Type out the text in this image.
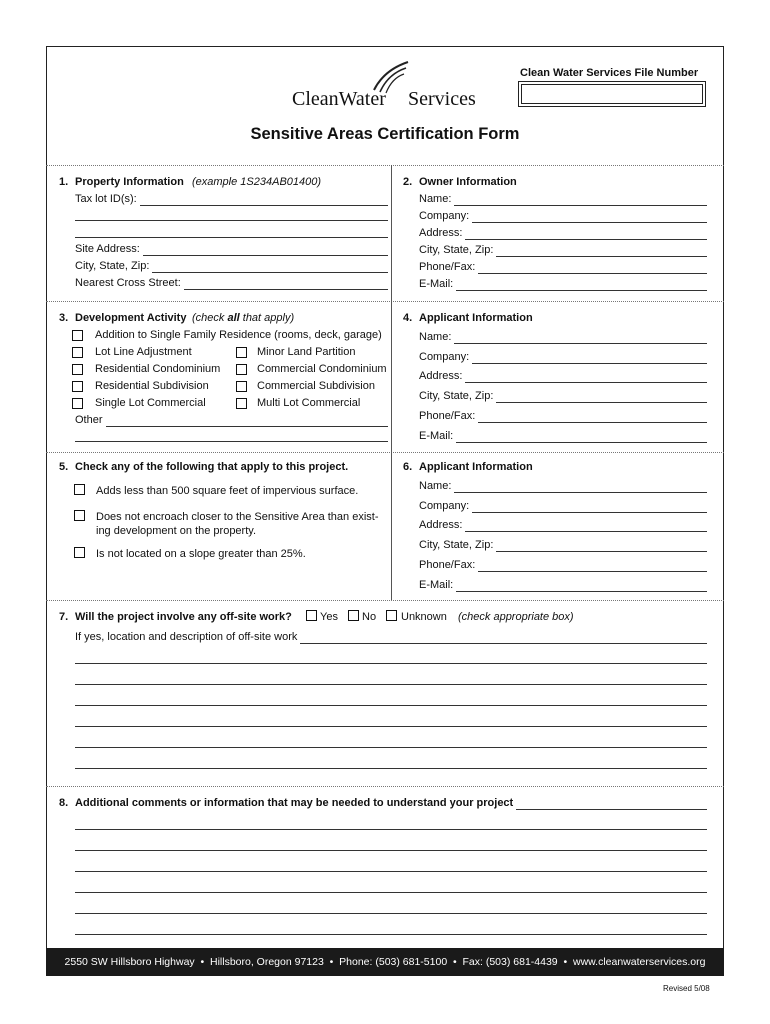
CleanWater Services
Clean Water Services File Number
Sensitive Areas Certification Form
1. Property Information (example 1S234AB01400)
Tax lot ID(s):
Site Address:
City, State, Zip:
Nearest Cross Street:
2. Owner Information
Name:
Company:
Address:
City, State, Zip:
Phone/Fax:
E-Mail:
3. Development Activity (check all that apply)
Addition to Single Family Residence (rooms, deck, garage)
Lot Line Adjustment	Minor Land Partition
Residential Condominium	Commercial Condominium
Residential Subdivision	Commercial Subdivision
Single Lot Commercial	Multi Lot Commercial
Other
4. Applicant Information
Name:
Company:
Address:
City, State, Zip:
Phone/Fax:
E-Mail:
5. Check any of the following that apply to this project.
Adds less than 500 square feet of impervious surface.
Does not encroach closer to the Sensitive Area than exist-
ing development on the property.
Is not located on a slope greater than 25%.
6. Applicant Information
Name:
Company:
Address:
City, State, Zip:
Phone/Fax:
E-Mail:
7. Will the project involve any off-site work?	Yes No Unknown (check appropriate box)
If yes, location and description of off-site work
8. Additional comments or information that may be needed to understand your project
2550 SW Hillsboro Highway  •  Hillsboro, Oregon 97123  •  Phone: (503) 681-5100  •  Fax: (503) 681-4439  •  www.cleanwaterservices.org
Revised 5/08
